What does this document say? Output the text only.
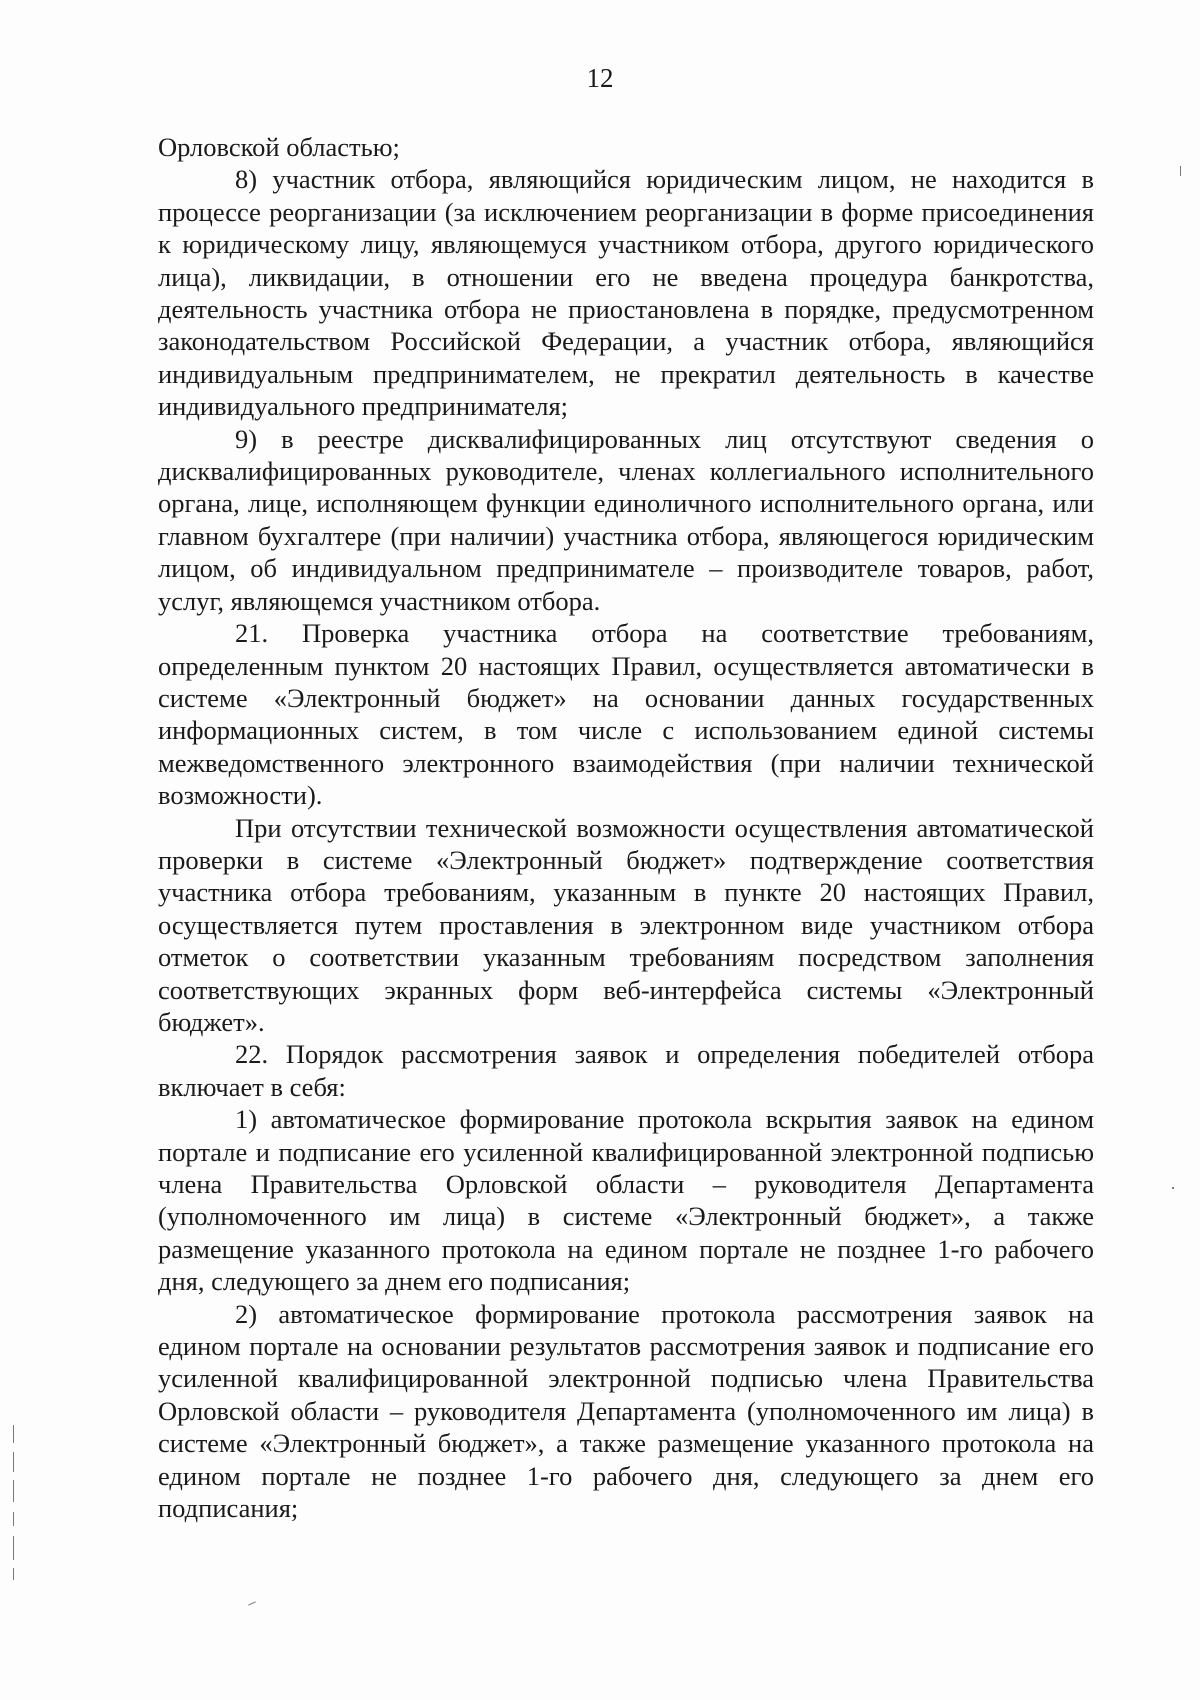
12

Орловской областью;

8) участник отбора, являющийся юридическим лицом, не находится в процессе реорганизации (за исключением реорганизации в форме присоединения к юридическому лицу, являющемуся участником отбора, другого юридического лица), ликвидации, в отношении его не введена процедура банкротства, деятельность участника отбора не приостановлена в порядке, предусмотренном законодательством Российской Федерации, а участник отбора, являющийся индивидуальным предпринимателем, не прекратил деятельность в качестве индивидуального предпринимателя;

9) в реестре дисквалифицированных лиц отсутствуют сведения о дисквалифицированных руководителе, членах коллегиального исполнительного органа, лице, исполняющем функции единоличного исполнительного органа, или главном бухгалтере (при наличии) участника отбора, являющегося юридическим лицом, об индивидуальном предпринимателе – производителе товаров, работ, услуг, являющемся участником отбора.

21. Проверка участника отбора на соответствие требованиям, определенным пунктом 20 настоящих Правил, осуществляется автоматически в системе «Электронный бюджет» на основании данных государственных информационных систем, в том числе с использованием единой системы межведомственного электронного взаимодействия (при наличии технической возможности).

При отсутствии технической возможности осуществления автоматической проверки в системе «Электронный бюджет» подтверждение соответствия участника отбора требованиям, указанным в пункте 20 настоящих Правил, осуществляется путем проставления в электронном виде участником отбора отметок о соответствии указанным требованиям посредством заполнения соответствующих экранных форм веб-интерфейса системы «Электронный бюджет».

22. Порядок рассмотрения заявок и определения победителей отбора включает в себя:

1) автоматическое формирование протокола вскрытия заявок на едином портале и подписание его усиленной квалифицированной электронной подписью члена Правительства Орловской области – руководителя Департамента (уполномоченного им лица) в системе «Электронный бюджет», а также размещение указанного протокола на едином портале не позднее 1-го рабочего дня, следующего за днем его подписания;

2) автоматическое формирование протокола рассмотрения заявок на едином портале на основании результатов рассмотрения заявок и подписание его усиленной квалифицированной электронной подписью члена Правительства Орловской области – руководителя Департамента (уполномоченного им лица) в системе «Электронный бюджет», а также размещение указанного протокола на едином портале не позднее 1-го рабочего дня, следующего за днем его подписания;
